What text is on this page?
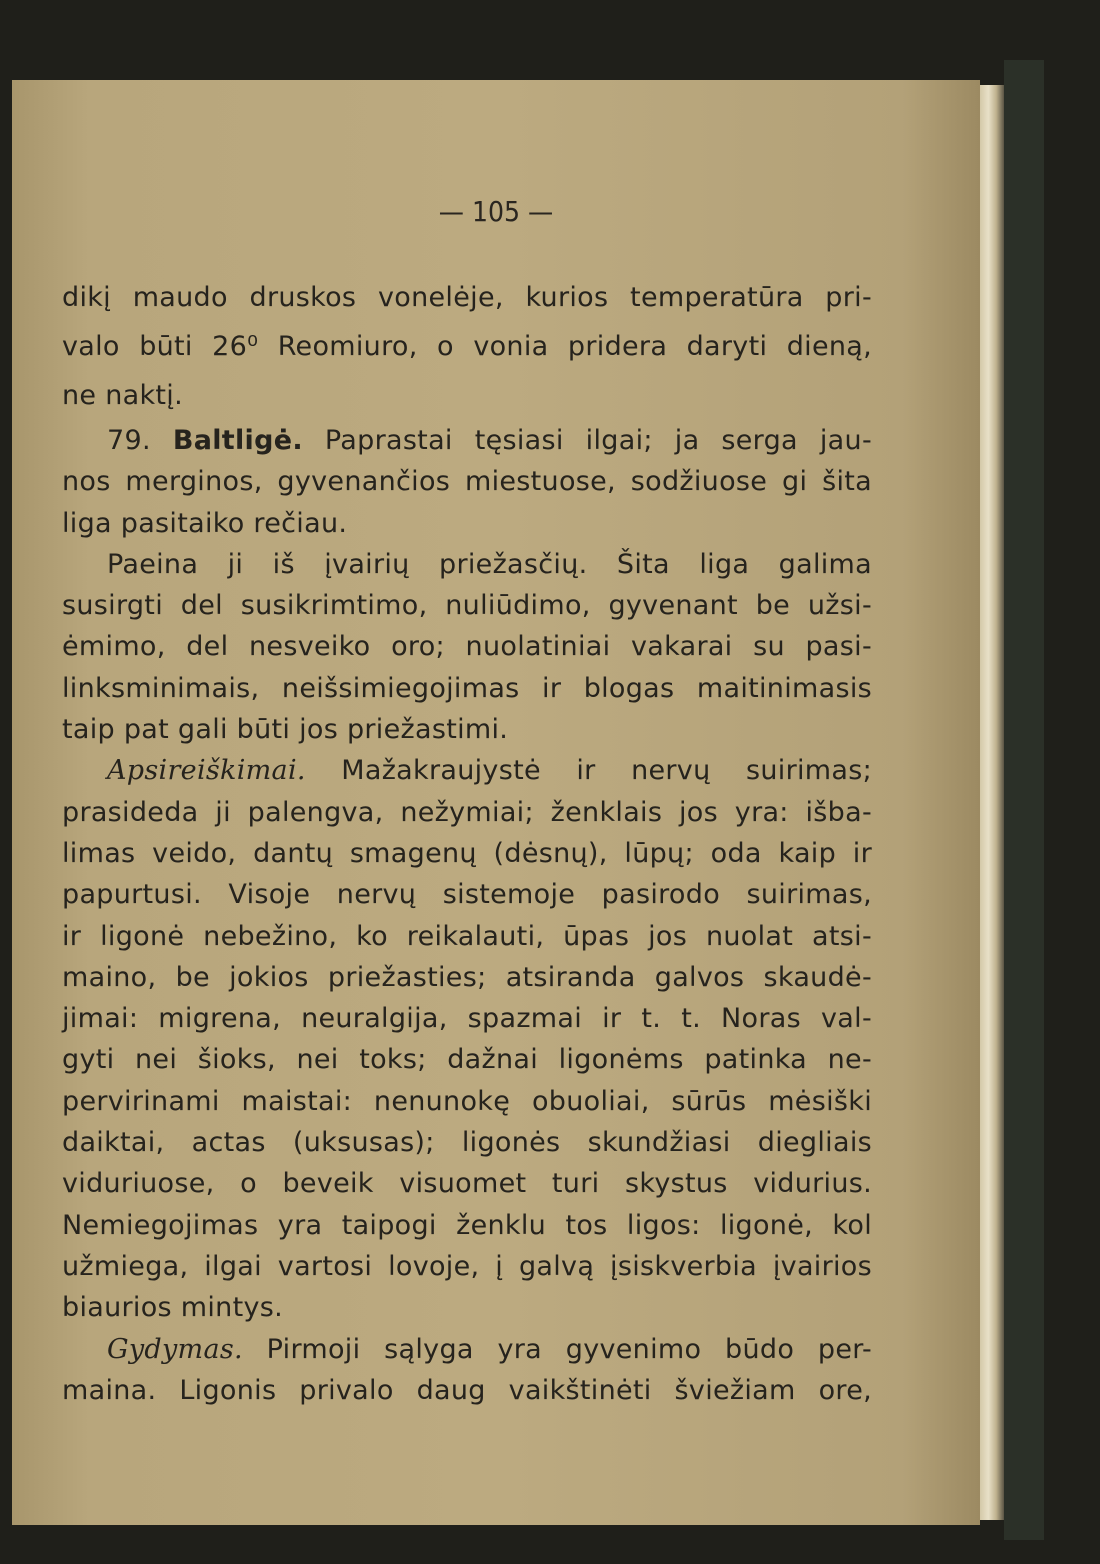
— 105 —
dikį maudo druskos vonelėje, kurios temperatūra pri-
valo būti 26⁰ Reomiuro, o vonia pridera daryti dieną,
ne naktį.
79. Baltligė. Paprastai tęsiasi ilgai; ja serga jau-
nos merginos, gyvenančios miestuose, sodžiuose gi šita
liga pasitaiko rečiau.
Paeina ji iš įvairių priežasčių. Šita liga galima
susirgti del susikrimtimo, nuliūdimo, gyvenant be užsi-
ėmimo, del nesveiko oro; nuolatiniai vakarai su pasi-
linksminimais, neišsimiegojimas ir blogas maitinimasis
taip pat gali būti jos priežastimi.
Apsireiškimai. Mažakraujystė ir nervų suirimas;
prasideda ji palengva, nežymiai; ženklais jos yra: išba-
limas veido, dantų smagenų (dėsnų), lūpų; oda kaip ir
papurtusi. Visoje nervų sistemoje pasirodo suirimas,
ir ligonė nebežino, ko reikalauti, ūpas jos nuolat atsi-
maino, be jokios priežasties; atsiranda galvos skaudė-
jimai: migrena, neuralgija, spazmai ir t. t. Noras val-
gyti nei šioks, nei toks; dažnai ligonėms patinka ne-
pervirinami maistai: nenunokę obuoliai, sūrūs mėsiški
daiktai, actas (uksusas); ligonės skundžiasi diegliais
viduriuose, o beveik visuomet turi skystus vidurius.
Nemiegojimas yra taipogi ženklu tos ligos: ligonė, kol
užmiega, ilgai vartosi lovoje, į galvą įsiskverbia įvairios
biaurios mintys.
Gydymas. Pirmoji sąlyga yra gyvenimo būdo per-
maina. Ligonis privalo daug vaikštinėti šviežiam ore,
